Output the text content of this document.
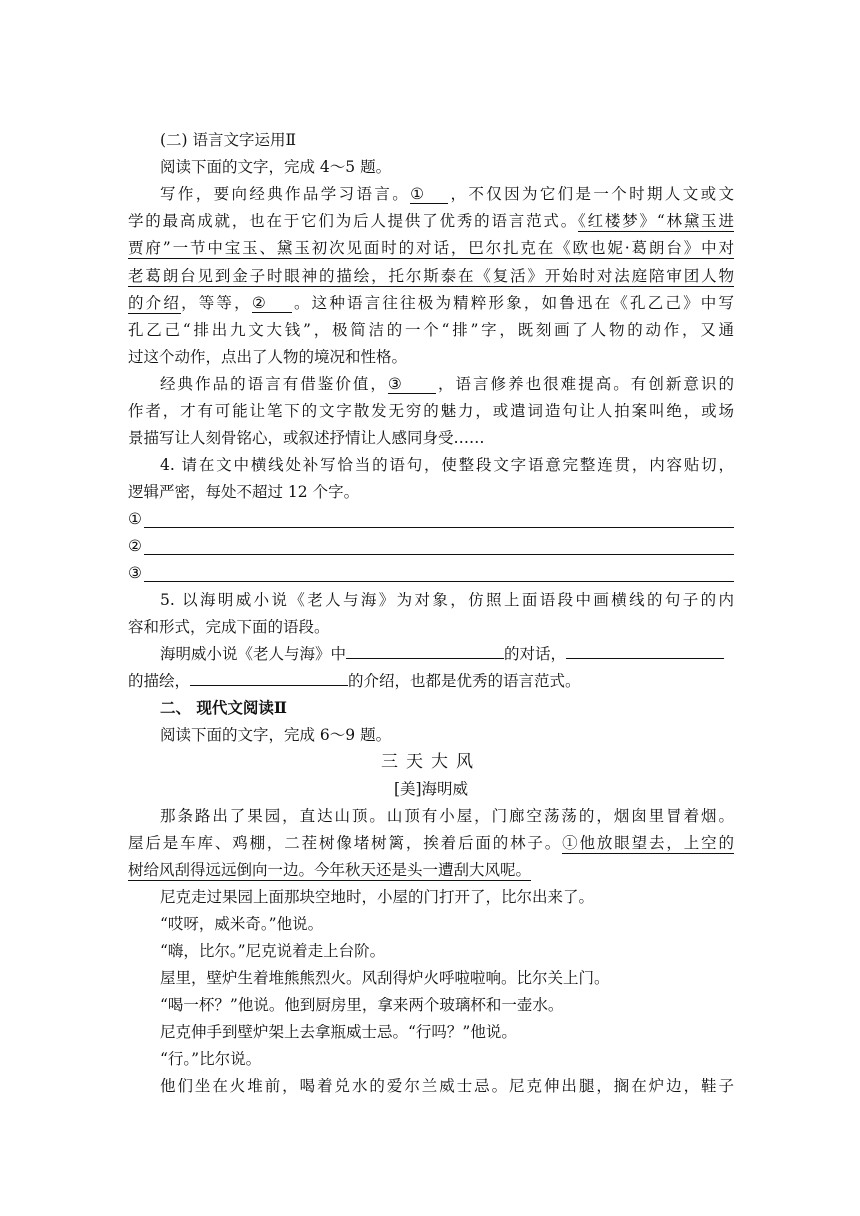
(二) 语言文字运用Ⅱ
阅读下面的文字，完成 4～5 题。
写作，要向经典作品学习语言。① ，不仅因为它们是一个时期人文或文
学的最高成就，也在于它们为后人提供了优秀的语言范式。《红楼梦》“林黛玉进
贾府”一节中宝玉、黛玉初次见面时的对话，巴尔扎克在《欧也妮·葛朗台》中对
老葛朗台见到金子时眼神的描绘，托尔斯泰在《复活》开始时对法庭陪审团人物
的介绍，等等，② 。这种语言往往极为精粹形象，如鲁迅在《孔乙己》中写
孔乙己“排出九文大钱”，极简洁的一个“排”字，既刻画了人物的动作，又通
过这个动作，点出了人物的境况和性格。
经典作品的语言有借鉴价值，③ ，语言修养也很难提高。有创新意识的
作者，才有可能让笔下的文字散发无穷的魅力，或遣词造句让人拍案叫绝，或场
景描写让人刻骨铭心，或叙述抒情让人感同身受……
4. 请在文中横线处补写恰当的语句，使整段文字语意完整连贯，内容贴切，
逻辑严密，每处不超过 12 个字。
①
②
③
5. 以海明威小说《老人与海》为对象，仿照上面语段中画横线的句子的内
容和形式，完成下面的语段。
海明威小说《老人与海》中	的对话，
的描绘，	的介绍，也都是优秀的语言范式。
二、 现代文阅读Ⅱ
阅读下面的文字，完成 6～9 题。
三天大风
[美]海明威
那条路出了果园，直达山顶。山顶有小屋，门廊空荡荡的，烟囱里冒着烟。
屋后是车库、鸡棚，二茬树像堵树篱，挨着后面的林子。①他放眼望去，上空的
树给风刮得远远倒向一边。今年秋天还是头一遭刮大风呢。
尼克走过果园上面那块空地时，小屋的门打开了，比尔出来了。
“哎呀，威米奇。”他说。
“嗨，比尔。”尼克说着走上台阶。
屋里，壁炉生着堆熊熊烈火。风刮得炉火呼啦啦响。比尔关上门。
“喝一杯？”他说。他到厨房里，拿来两个玻璃杯和一壶水。
尼克伸手到壁炉架上去拿瓶威士忌。“行吗？”他说。
“行。”比尔说。
他们坐在火堆前，喝着兑水的爱尔兰威士忌。尼克伸出腿，搁在炉边，鞋子
